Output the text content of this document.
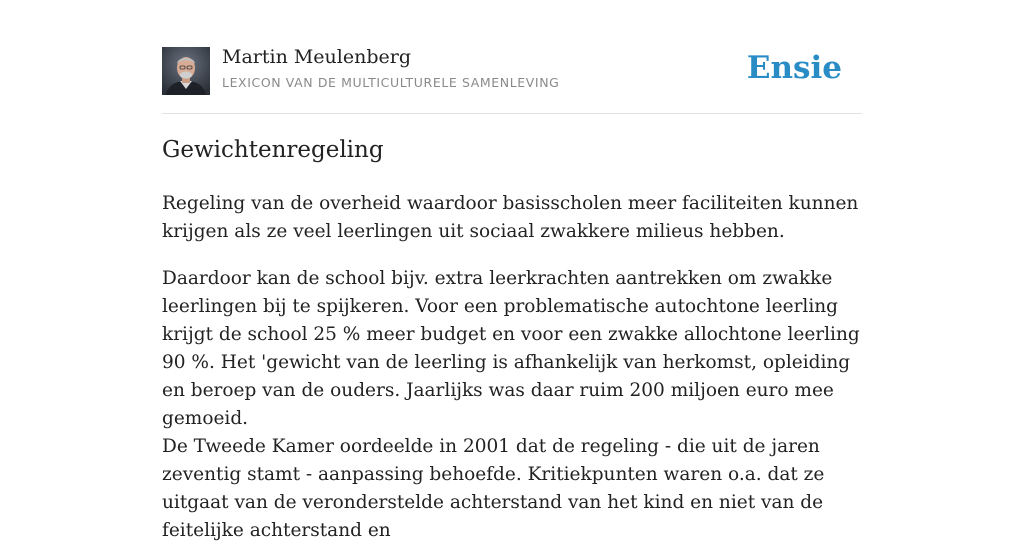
Martin Meulenberg
LEXICON VAN DE MULTICULTURELE SAMENLEVING	Ensie
Gewichtenregeling

Regeling van de overheid waardoor basisscholen meer faciliteiten kunnen krijgen als ze veel leerlingen uit sociaal zwakkere milieus hebben.

Daardoor kan de school bijv. extra leerkrachten aantrekken om zwakke leerlingen bij te spijkeren. Voor een problematische autochtone leerling krijgt de school 25 % meer budget en voor een zwakke allochtone leerling 90 %. Het 'gewicht van de leerling is afhankelijk van herkomst, opleiding en beroep van de ouders. Jaarlijks was daar ruim 200 miljoen euro mee gemoeid.

De Tweede Kamer oordeelde in 2001 dat de regeling - die uit de jaren zeventig stamt - aanpassing behoefde. Kritiekpunten waren o.a. dat ze uitgaat van de veronderstelde achterstand van het kind en niet van de feitelijke achterstand en
